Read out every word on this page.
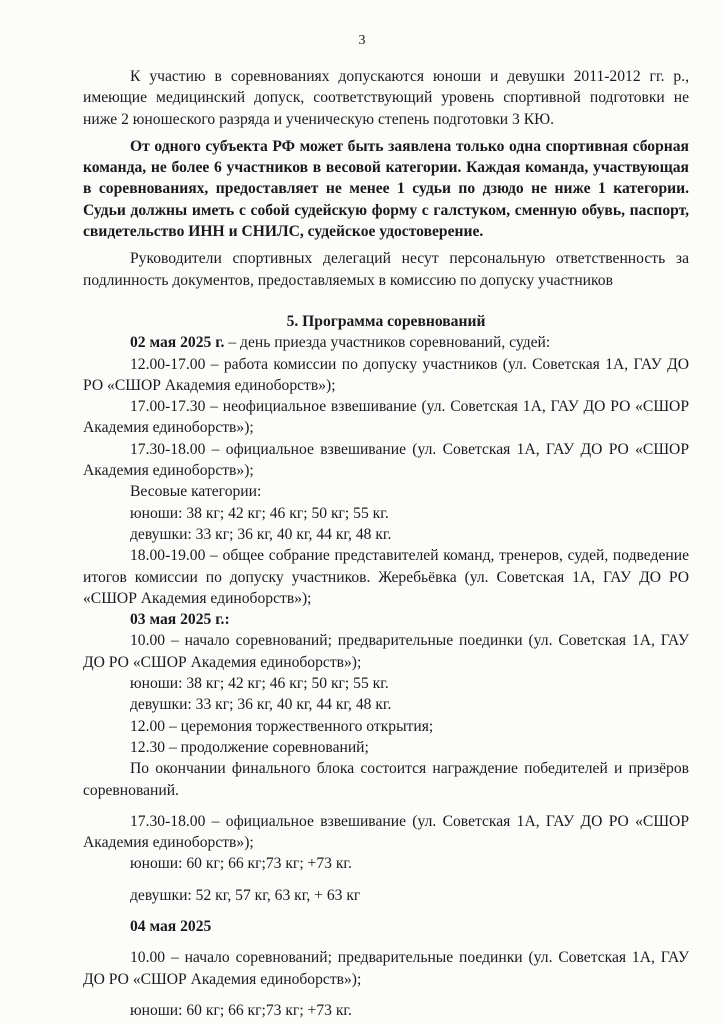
3

К участию в соревнованиях допускаются юноши и девушки 2011-2012 гг. р., имеющие медицинский допуск, соответствующий уровень спортивной подготовки не ниже 2 юношеского разряда и ученическую степень подготовки 3 КЮ.

От одного субъекта РФ может быть заявлена только одна спортивная сборная команда, не более 6 участников в весовой категории. Каждая команда, участвующая в соревнованиях, предоставляет не менее 1 судьи по дзюдо не ниже 1 категории. Судьи должны иметь с собой судейскую форму с галстуком, сменную обувь, паспорт, свидетельство ИНН и СНИЛС, судейское удостоверение.

Руководители спортивных делегаций несут персональную ответственность за подлинность документов, предоставляемых в комиссию по допуску участников

5. Программа соревнований

02 мая 2025 г. – день приезда участников соревнований, судей:

12.00-17.00 – работа комиссии по допуску участников (ул. Советская 1А, ГАУ ДО РО «СШОР Академия единоборств»);

17.00-17.30 – неофициальное взвешивание (ул. Советская 1А, ГАУ ДО РО «СШОР Академия единоборств»);

17.30-18.00 – официальное взвешивание (ул. Советская 1А, ГАУ ДО РО «СШОР Академия единоборств»);

Весовые категории:

юноши: 38 кг; 42 кг; 46 кг; 50 кг; 55 кг.

девушки: 33 кг; 36 кг, 40 кг, 44 кг, 48 кг.

18.00-19.00 – общее собрание представителей команд, тренеров, судей, подведение итогов комиссии по допуску участников. Жеребьёвка (ул. Советская 1А, ГАУ ДО РО «СШОР Академия единоборств»);

03 мая 2025 г.:

10.00 – начало соревнований; предварительные поединки (ул. Советская 1А, ГАУ ДО РО «СШОР Академия единоборств»);

юноши: 38 кг; 42 кг; 46 кг; 50 кг; 55 кг.

девушки: 33 кг; 36 кг, 40 кг, 44 кг, 48 кг.

12.00 – церемония торжественного открытия;

12.30 – продолжение соревнований;

По окончании финального блока состоится награждение победителей и призёров соревнований.

17.30-18.00 – официальное взвешивание (ул. Советская 1А, ГАУ ДО РО «СШОР Академия единоборств»);

юноши: 60 кг; 66 кг;73 кг; +73 кг.

девушки: 52 кг, 57 кг, 63 кг, + 63 кг

04 мая 2025

10.00 – начало соревнований; предварительные поединки (ул. Советская 1А, ГАУ ДО РО «СШОР Академия единоборств»);

юноши: 60 кг; 66 кг;73 кг; +73 кг.
